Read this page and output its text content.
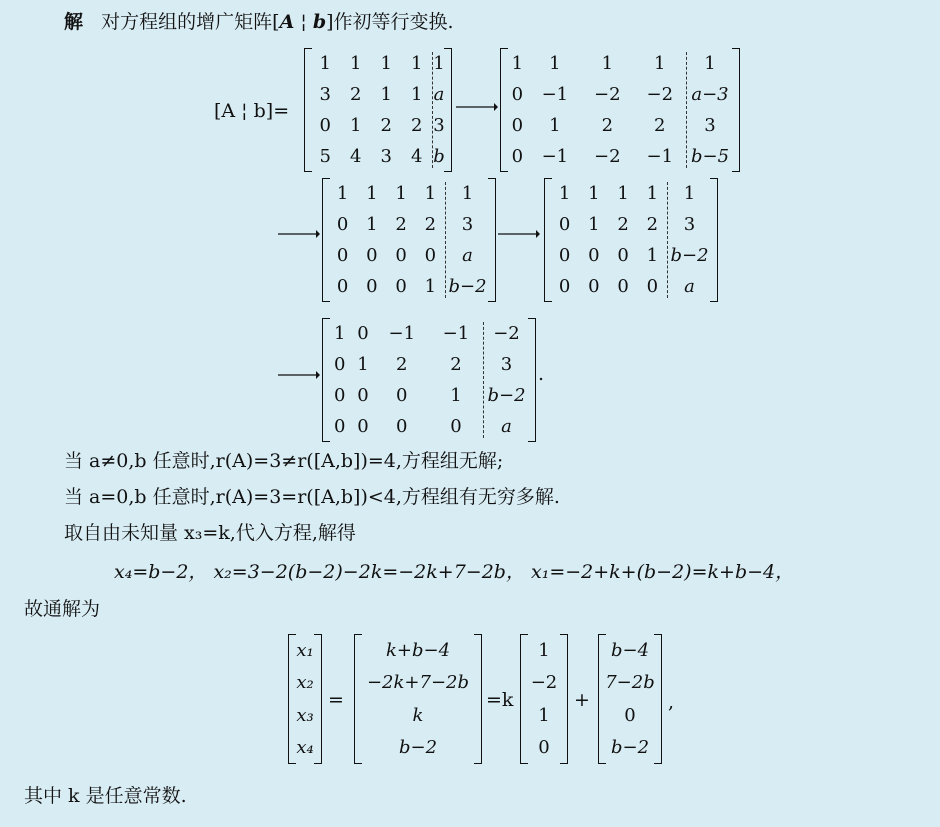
解 对方程组的增广矩阵[A ¦ b]作初等行变换.
[A ¦ b]=
1	1	1	1	1
3	2	1	1	a
0	1	2	2	3
5	4	3	4	b
1	1	1	1	1
0	−1	−2	−2	a−3
0	1	2	2	3
0	−1	−2	−1	b−5
1	1	1	1	1
0	1	2	2	3
0	0	0	0	a
0	0	0	1	b−2
1	1	1	1	1
0	1	2	2	3
0	0	0	1	b−2
0	0	0	0	a
1	0	−1	−1	−2
0	1	2	2	3
0	0	0	1	b−2
0	0	0	0	a
.
当 a≠0,b 任意时,r(A)=3≠r([A,b])=4,方程组无解;
当 a=0,b 任意时,r(A)=3=r([A,b])<4,方程组有无穷多解.
取自由未知量 x₃=k,代入方程,解得
x₄=b−2， x₂=3−2(b−2)−2k=−2k+7−2b， x₁=−2+k+(b−2)=k+b−4，
故通解为
x₁
x₂
x₃
x₄
=
k+b−4
−2k+7−2b
k
b−2
=k
1
−2
1
0
+
b−4
7−2b
0
b−2
,
其中 k 是任意常数.
